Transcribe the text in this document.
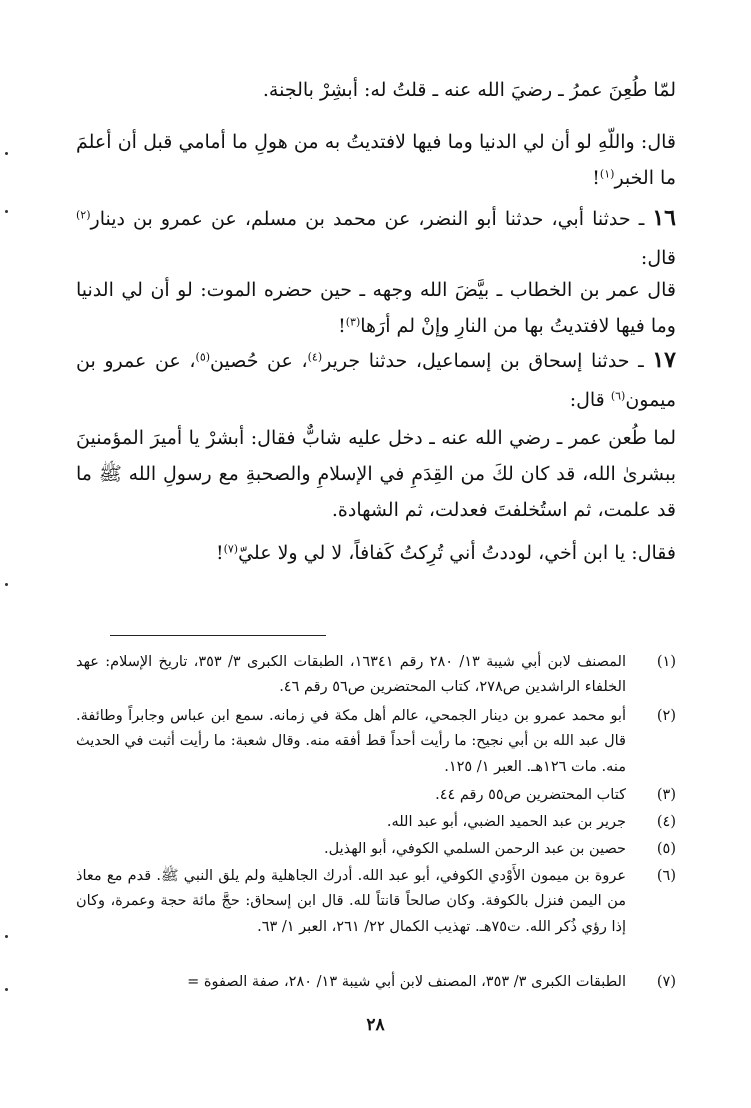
لمّا طُعِنَ عمرُ ـ رضيَ الله عنه ـ قلتُ له: أبشِرْ بالجنة.
قال: واللّهِ لو أن لي الدنيا وما فيها لافتديتُ به من هولِ ما أمامي قبل أن أعلمَ ما الخبر$^{(١)}$!
١٦ ـ حدثنا أبي، حدثنا أبو النضر، عن محمد بن مسلم، عن عمرو بن دينار$^{(٢)}$ قال:
قال عمر بن الخطاب ـ بيَّضَ الله وجهه ـ حين حضره الموت: لو أن لي الدنيا وما فيها لافتديتُ بها من النارِ وإنْ لم أرَها$^{(٣)}$!
١٧ ـ حدثنا إسحاق بن إسماعيل، حدثنا جرير$^{(٤)}$، عن حُصين$^{(٥)}$، عن عمرو بن ميمون$^{(٦)}$ قال:
لما طُعن عمر ـ رضي الله عنه ـ دخل عليه شابٌّ فقال: أبشرْ يا أميرَ المؤمنينَ ببشرىٰ الله، قد كان لكَ من القِدَمِ في الإسلامِ والصحبةِ مع رسولِ الله ﷺ ما قد علمت، ثم استُخلفتَ فعدلت، ثم الشهادة.
فقال: يا ابن أخي، لوددتُ أني تُرِكتُ كَفافاً، لا لي ولا عليّ$^{(٧)}$!
(١)
المصنف لابن أبي شيبة ١٣/ ٢٨٠ رقم ١٦٣٤١، الطبقات الكبرى ٣/ ٣٥٣، تاريخ الإسلام: عهد الخلفاء الراشدين ص٢٧٨، كتاب المحتضرين ص٥٦ رقم ٤٦.
(٢)
أبو محمد عمرو بن دينار الجمحي، عالم أهل مكة في زمانه. سمع ابن عباس وجابراً وطائفة. قال عبد الله بن أبي نجيح: ما رأيت أحداً قط أفقه منه. وقال شعبة: ما رأيت أثبت في الحديث منه. مات ١٢٦هـ. العبر ١/ ١٢٥.
(٣)
كتاب المحتضرين ص٥٥ رقم ٤٤.
(٤)
جرير بن عبد الحميد الضبي، أبو عبد الله.
(٥)
حصين بن عبد الرحمن السلمي الكوفي، أبو الهذيل.
(٦)
عروة بن ميمون الأَوْدي الكوفي، أبو عبد الله. أدرك الجاهلية ولم يلق النبي ﷺ. قدم مع معاذ من اليمن فنزل بالكوفة. وكان صالحاً قانتاً لله. قال ابن إسحاق: حجَّ مائة حجة وعمرة، وكان إذا رؤي ذُكر الله. ت٧٥هـ. تهذيب الكمال ٢٢/ ٢٦١، العبر ١/ ٦٣.
(٧)
الطبقات الكبرى ٣/ ٣٥٣، المصنف لابن أبي شيبة ١٣/ ٢٨٠، صفة الصفوة =
٢٨
